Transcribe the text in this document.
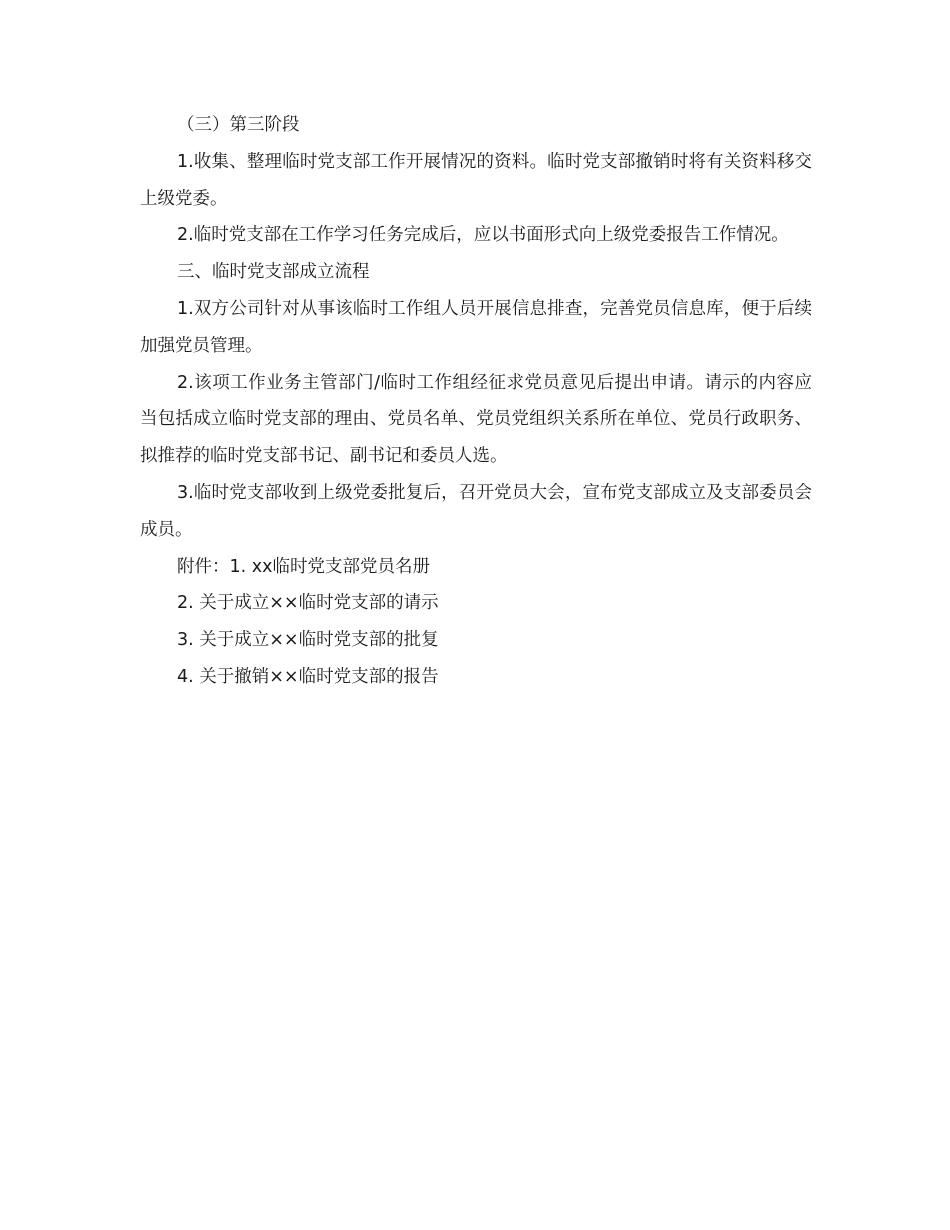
（三）第三阶段

1.收集、整理临时党支部工作开展情况的资料。临时党支部撤销时将有关资料移交上级党委。

2.临时党支部在工作学习任务完成后，应以书面形式向上级党委报告工作情况。

三、临时党支部成立流程

1.双方公司针对从事该临时工作组人员开展信息排查，完善党员信息库，便于后续加强党员管理。

2.该项工作业务主管部门/临时工作组经征求党员意见后提出申请。请示的内容应当包括成立临时党支部的理由、党员名单、党员党组织关系所在单位、党员行政职务、拟推荐的临时党支部书记、副书记和委员人选。

3.临时党支部收到上级党委批复后，召开党员大会，宣布党支部成立及支部委员会成员。

附件：1. xx临时党支部党员名册

2. 关于成立××临时党支部的请示

3. 关于成立××临时党支部的批复

4. 关于撤销××临时党支部的报告
